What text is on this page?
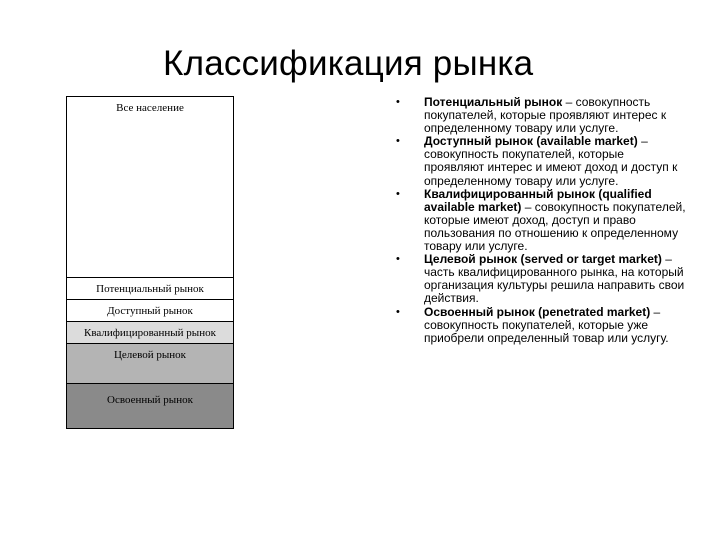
Классификация рынка
Все население
Потенциальный рынок
Доступный рынок
Квалифицированный рынок
Целевой рынок
Освоенный рынок
• Потенциальный рынок – совокупность покупателей, которые проявляют интерес к определенному товару или услуге.
• Доступный рынок (available market) – совокупность покупателей, которые проявляют интерес и имеют доход и доступ к определенному товару или услуге.
• Квалифицированный рынок (qualified available market) – совокупность покупателей, которые имеют доход, доступ и право пользования по отношению к определенному товару или услуге.
• Целевой рынок (served or target market) – часть квалифицированного рынка, на который организация культуры решила направить свои действия.
• Освоенный рынок (penetrated market) – совокупность покупателей, которые уже приобрели определенный товар или услугу.
